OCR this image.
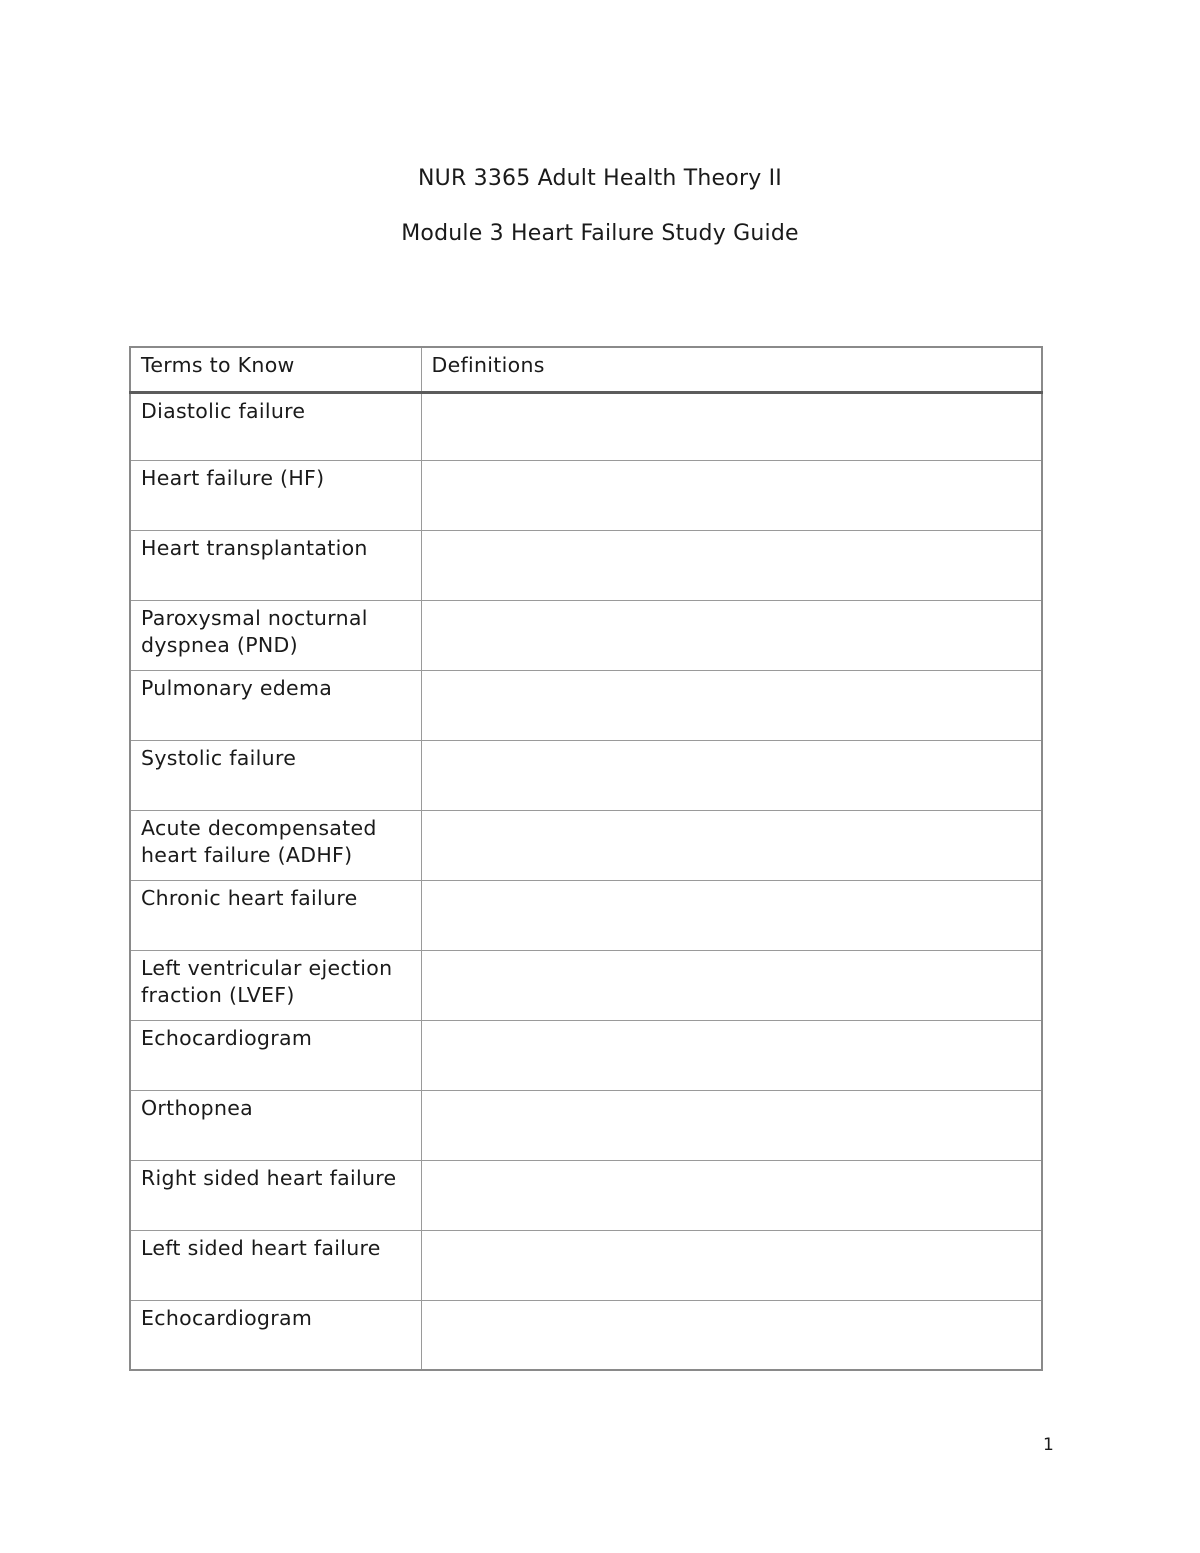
NUR 3365 Adult Health Theory II
Module 3 Heart Failure Study Guide
Terms to Know	Definitions
Diastolic failure	
Heart failure (HF)	
Heart transplantation	
Paroxysmal nocturnal dyspnea (PND)	
Pulmonary edema	
Systolic failure	
Acute decompensated heart failure (ADHF)	
Chronic heart failure	
Left ventricular ejection fraction (LVEF)	
Echocardiogram	
Orthopnea	
Right sided heart failure	
Left sided heart failure	
Echocardiogram	

1
